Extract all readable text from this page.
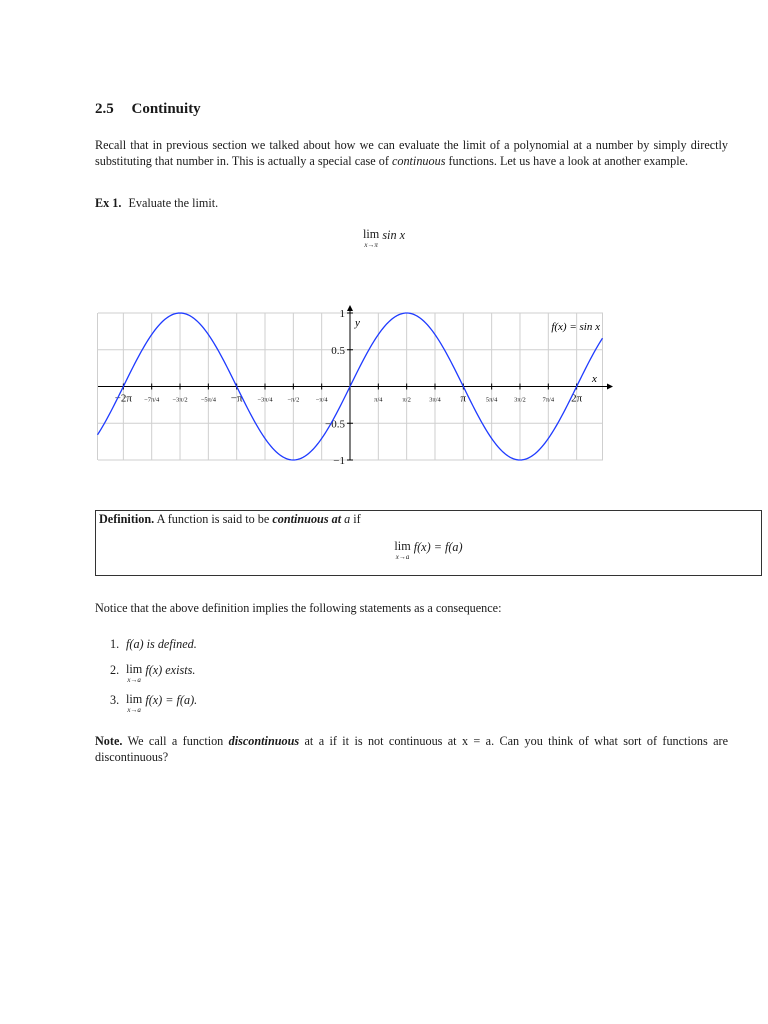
2.5 Continuity
Recall that in previous section we talked about how we can evaluate the limit of a polynomial at a number by simply directly substituting that number in. This is actually a special case of continuous functions. Let us have a look at another example.
Ex 1. Evaluate the limit.
lim
x→π
sin x
1
0.5
−0.5
−1
−2π −7π/4 −3π/2 −5π/4 −π −3π/4 −π/2	−π/4	π/4	π/2	3π/4 π	5π/4	3π/2	7π/4 2π
f(x) = sin x
x
y
Definition. A function is said to be continuous at a if
lim
x→a
f(x) = f(a)
Notice that the above definition implies the following statements as a consequence:
1. f(a) is defined.
2. lim
x→a
f(x) exists.
3. lim
x→a
f(x) = f(a).
Note. We call a function discontinuous at a if it is not continuous at x = a. Can you think of what sort of functions are discontinuous?
